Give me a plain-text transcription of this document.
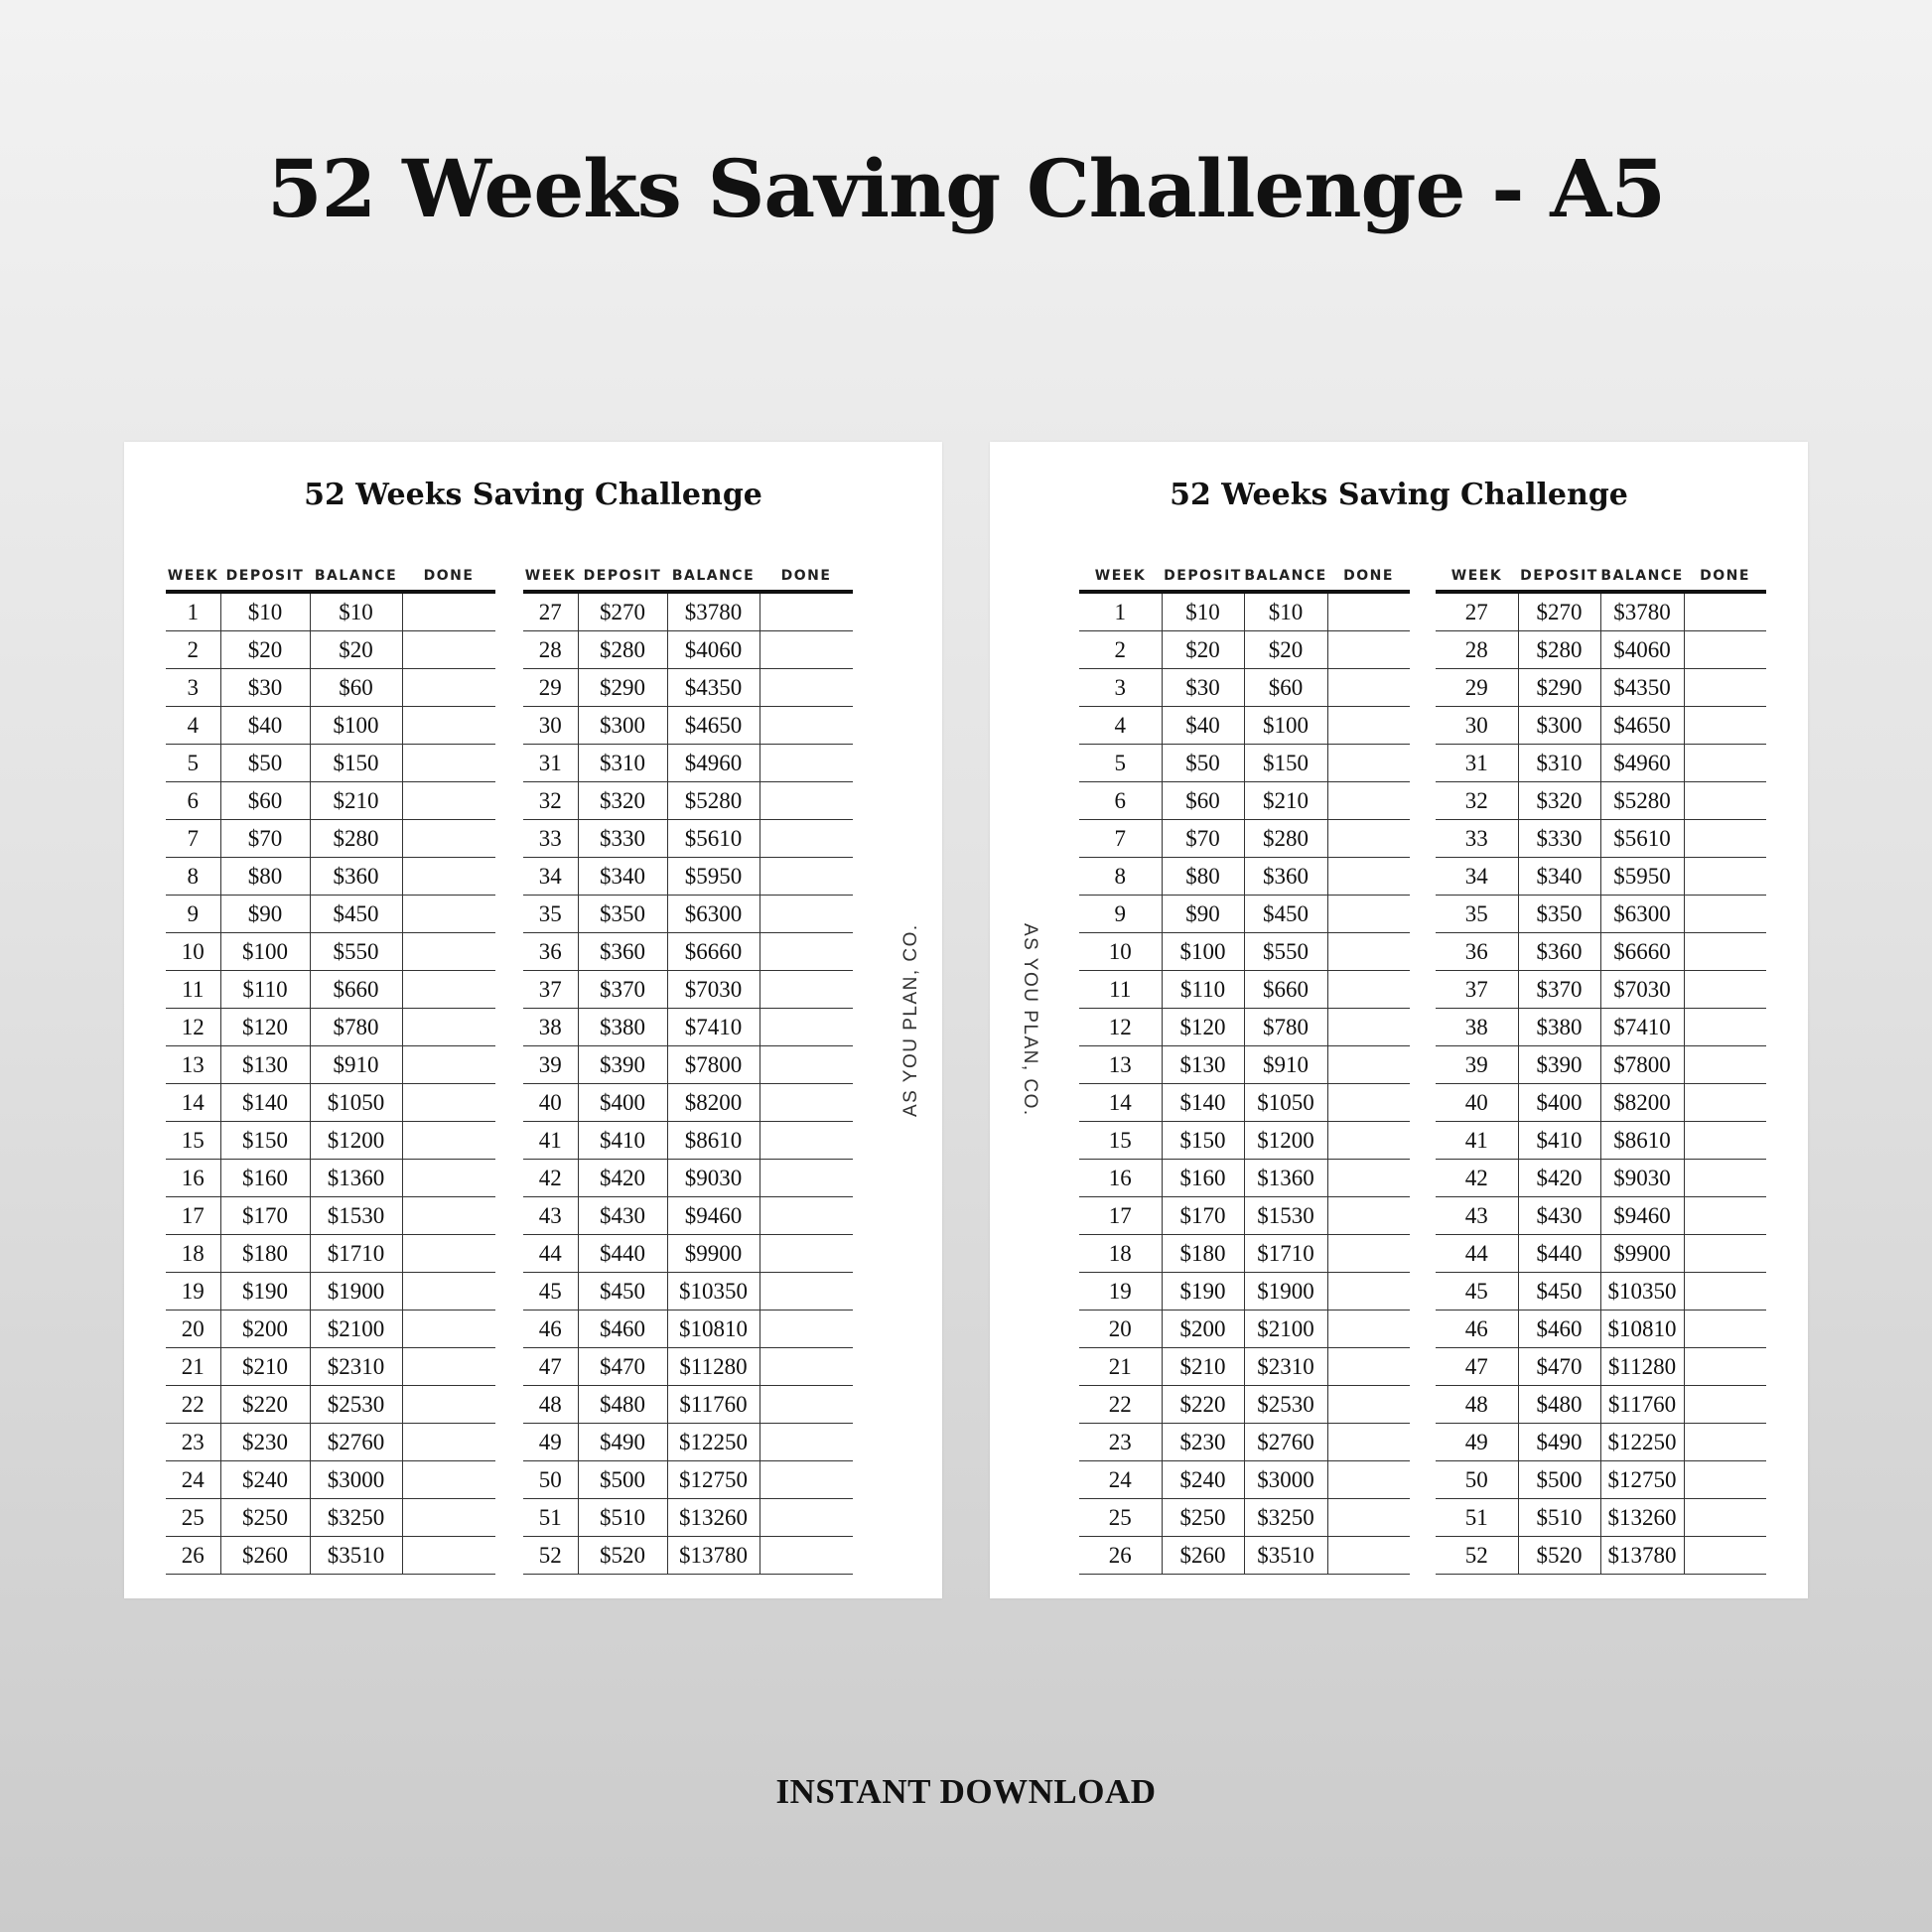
52 Weeks Saving Challenge - A5
52 Weeks Saving Challenge
WEEK	DEPOSIT	BALANCE	DONE
1	$10	$10	
2	$20	$20	
3	$30	$60	
4	$40	$100	
5	$50	$150	
6	$60	$210	
7	$70	$280	
8	$80	$360	
9	$90	$450	
10	$100	$550	
11	$110	$660	
12	$120	$780	
13	$130	$910	
14	$140	$1050	
15	$150	$1200	
16	$160	$1360	
17	$170	$1530	
18	$180	$1710	
19	$190	$1900	
20	$200	$2100	
21	$210	$2310	
22	$220	$2530	
23	$230	$2760	
24	$240	$3000	
25	$250	$3250	
26	$260	$3510	
WEEK	DEPOSIT	BALANCE	DONE
27	$270	$3780	
28	$280	$4060	
29	$290	$4350	
30	$300	$4650	
31	$310	$4960	
32	$320	$5280	
33	$330	$5610	
34	$340	$5950	
35	$350	$6300	
36	$360	$6660	
37	$370	$7030	
38	$380	$7410	
39	$390	$7800	
40	$400	$8200	
41	$410	$8610	
42	$420	$9030	
43	$430	$9460	
44	$440	$9900	
45	$450	$10350	
46	$460	$10810	
47	$470	$11280	
48	$480	$11760	
49	$490	$12250	
50	$500	$12750	
51	$510	$13260	
52	$520	$13780	
AS YOU PLAN, CO.
52 Weeks Saving Challenge
WEEK	DEPOSIT	BALANCE	DONE
1	$10	$10	
2	$20	$20	
3	$30	$60	
4	$40	$100	
5	$50	$150	
6	$60	$210	
7	$70	$280	
8	$80	$360	
9	$90	$450	
10	$100	$550	
11	$110	$660	
12	$120	$780	
13	$130	$910	
14	$140	$1050	
15	$150	$1200	
16	$160	$1360	
17	$170	$1530	
18	$180	$1710	
19	$190	$1900	
20	$200	$2100	
21	$210	$2310	
22	$220	$2530	
23	$230	$2760	
24	$240	$3000	
25	$250	$3250	
26	$260	$3510	
WEEK	DEPOSIT	BALANCE	DONE
27	$270	$3780	
28	$280	$4060	
29	$290	$4350	
30	$300	$4650	
31	$310	$4960	
32	$320	$5280	
33	$330	$5610	
34	$340	$5950	
35	$350	$6300	
36	$360	$6660	
37	$370	$7030	
38	$380	$7410	
39	$390	$7800	
40	$400	$8200	
41	$410	$8610	
42	$420	$9030	
43	$430	$9460	
44	$440	$9900	
45	$450	$10350	
46	$460	$10810	
47	$470	$11280	
48	$480	$11760	
49	$490	$12250	
50	$500	$12750	
51	$510	$13260	
52	$520	$13780	
AS YOU PLAN, CO.
INSTANT DOWNLOAD
